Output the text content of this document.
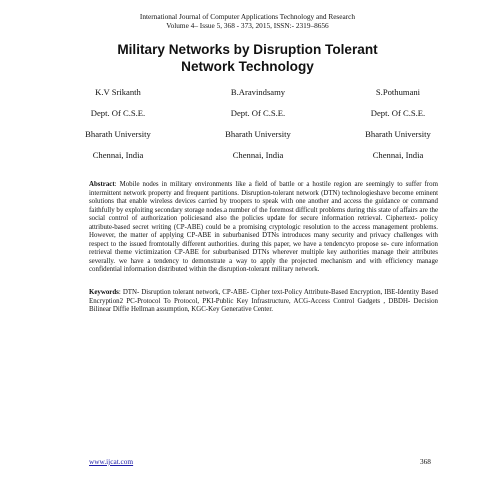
International Journal of Computer Applications Technology and Research
Volume 4– Issue 5, 368 - 373, 2015, ISSN:- 2319–8656
Military Networks by Disruption Tolerant
Network Technology
K.V Srikanth
Dept. Of C.S.E.
Bharath University
Chennai, India
B.Aravindsamy
Dept. Of C.S.E.
Bharath University
Chennai, India
S.Pothumani
Dept. Of C.S.E.
Bharath University
Chennai, India
Abstract: Mobile nodes in military environments like a field of battle or a hostile region are seemingly to suffer from intermittent network property and frequent partitions. Disruption-tolerant network (DTN) technologieshave become eminent solutions that enable wireless devices carried by troopers to speak with one another and access the guidance or command faithfully by exploiting secondary storage nodes.a number of the foremost difficult problems during this state of affairs are the social control of authorization policiesand also the policies update for secure information retrieval. Ciphertext- policy attribute-based secret writing (CP-ABE) could be a promising cryptologic resolution to the access management problems. However, the matter of applying CP-ABE in suburbanised DTNs introduces many security and privacy challenges with respect to the issued fromtotally different authorities. during this paper, we have a tendencyto propose se- cure information retrieval theme victimization CP-ABE for suburbanised DTNs wherever multiple key authorities manage their attributes severally. we have a tendency to demonstrate a way to apply the projected mechanism and with efficiency manage confidential information distributed within the disruption-tolerant military network.
Keywords: DTN- Disruption tolerant network, CP-ABE- Cipher text-Policy Attribute-Based Encryption, IBE-Identity Based Encryption2 PC-Protocol To Protocol, PKI-Public Key Infrastructure, ACG-Access Control Gadgets , DBDH- Decision Bilinear Diffie Hellman assumption, KGC-Key Generative Center.
www.ijcat.com	368
